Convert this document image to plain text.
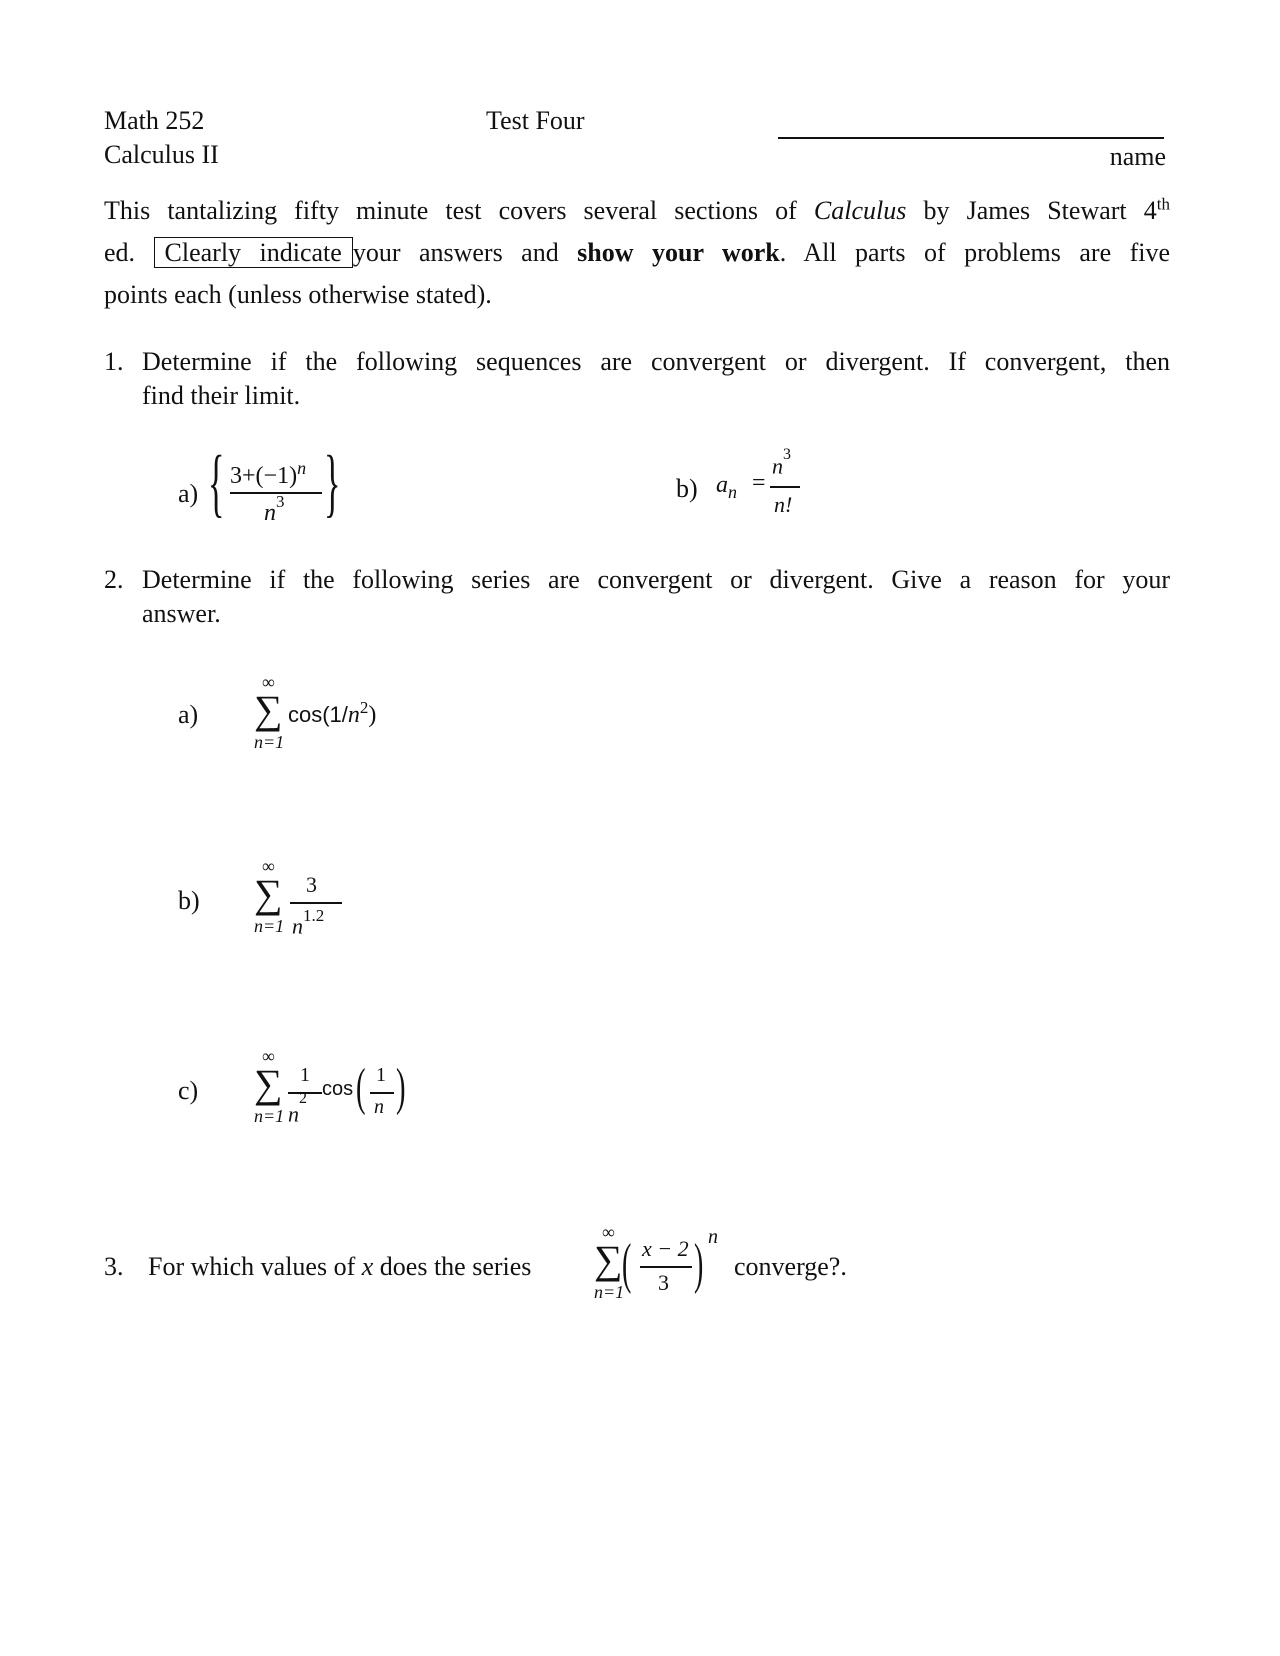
Math 252
Calculus II
Test Four
name
This tantalizing fifty minute test covers several sections of Calculus by James Stewart 4th
ed. Clearly indicate your answers and show your work. All parts of problems are five
points each (unless otherwise stated).
1. Determine if the following sequences are convergent or divergent. If convergent, then
find their limit.
a) { $3+(-1)^n$
$n^3$ }	b) $a_n$ =
$n^3$
n!
2. Determine if the following series are convergent or divergent. Give a reason for your
answer.
a)
∞
∑
n=1
$\cos(1/n^2)$
b)
∞
∑
n=1
3
$n^{1.2}$
c)
∞
∑
n=1
1
$n^2$ cos ( 1
n )
3. For which values of x does the series
∞
∑
n=1
( x − 2
3 ) n
converge?.
